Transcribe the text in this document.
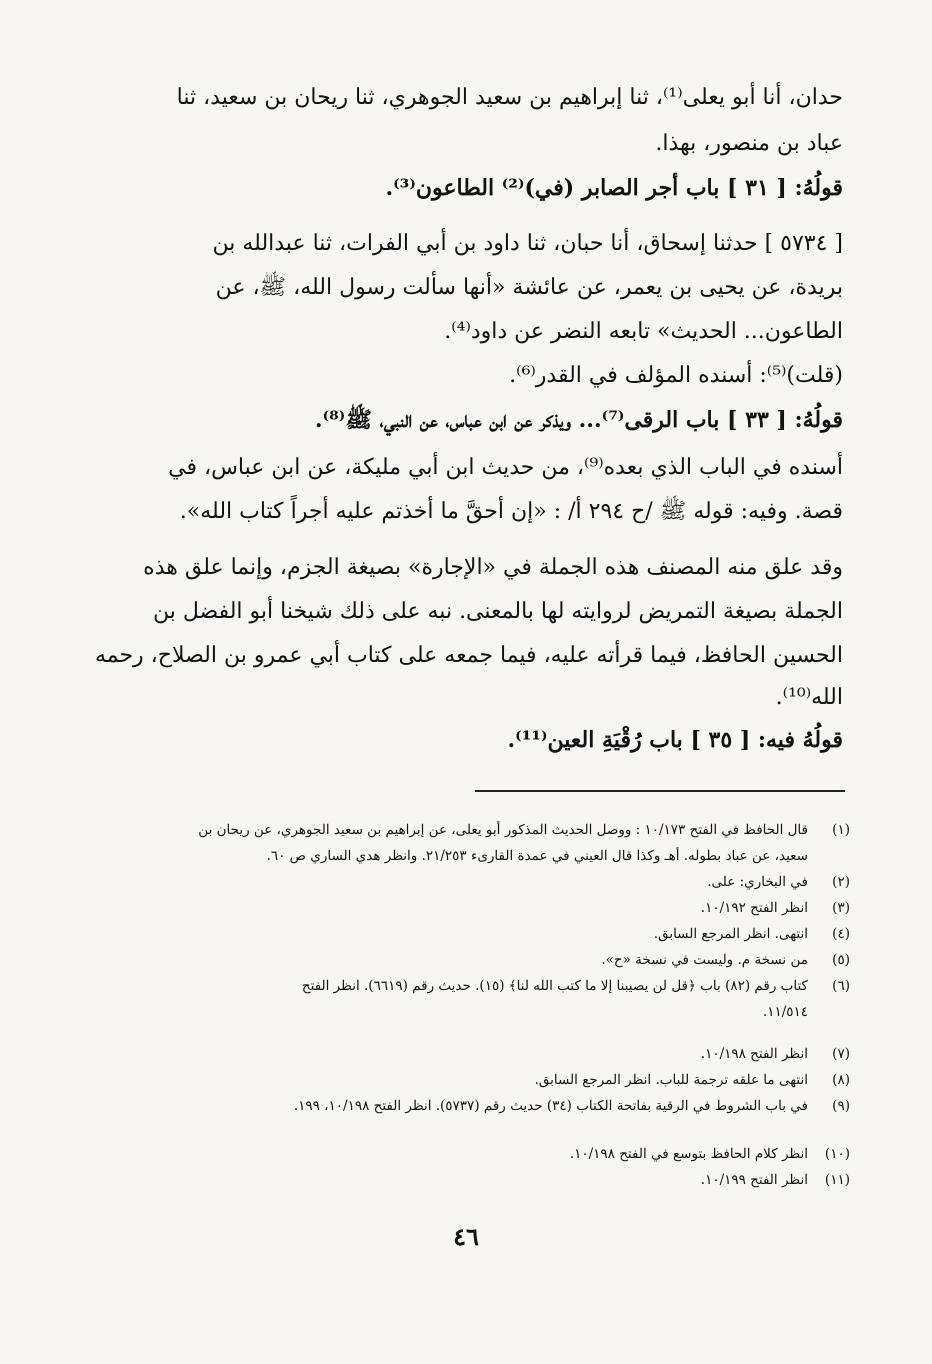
حدان، أنا أبو يعلى⁽¹⁾، ثنا إبراهيم بن سعيد الجوهري، ثنا ريحان بن سعيد، ثنا
عباد بن منصور، بهذا.
قولُهُ: [ ٣١ ] باب أجر الصابر (في)⁽²⁾ الطاعون⁽³⁾.
[ ٥٧٣٤ ] حدثنا إسحاق، أنا حبان، ثنا داود بن أبي الفرات، ثنا عبدالله بن
بريدة، عن يحيى بن يعمر، عن عائشة «أنها سألت رسول الله، ﷺ، عن
الطاعون... الحديث» تابعه النضر عن داود⁽⁴⁾.
(قلت)⁽⁵⁾: أسنده المؤلف في القدر⁽⁶⁾.
قولُهُ: [ ٣٣ ] باب الرقى⁽⁷⁾... ويذكر عن ابن عباس، عن النبي، ﷺ⁽⁸⁾.
أسنده في الباب الذي بعده⁽⁹⁾، من حديث ابن أبي مليكة، عن ابن عباس، في
قصة. وفيه: قوله ﷺ /ح ٢٩٤ أ/ : «إن أحقَّ ما أخذتم عليه أجراً كتاب الله».
وقد علق منه المصنف هذه الجملة في «الإجارة» بصيغة الجزم، وإنما علق هذه
الجملة بصيغة التمريض لروايته لها بالمعنى. نبه على ذلك شيخنا أبو الفضل بن
الحسين الحافظ، فيما قرأته عليه، فيما جمعه على كتاب أبي عمرو بن الصلاح، رحمه
الله⁽¹⁰⁾.
قولُهُ فيه: [ ٣٥ ] باب رُقْيَةِ العين⁽¹¹⁾.
(١)قال الحافظ في الفتح ١٠/١٧٣ : ووصل الحديث المذكور أبو يعلى، عن إبراهيم بن سعيد الجوهري، عن ريحان بن
سعيد، عن عباد بطوله. أهـ وكذا قال العيني في عمدة القارىء ٢١/٢٥٣. وانظر هدي الساري ص ٦٠.
(٢)في البخاري: على.
(٣)انظر الفتح ١٠/١٩٢.
(٤)انتهى. انظر المرجع السابق.
(٥)من نسخة م. وليست في نسخة «ح».
(٦)كتاب رقم (٨٢) باب ﴿قل لن يصيبنا إلا ما كتب الله لنا﴾ (١٥). حديث رقم (٦٦١٩). انظر الفتح
١١/٥١٤.
(٧)انظر الفتح ١٠/١٩٨.
(٨)انتهى ما علقه ترجمة للباب. انظر المرجع السابق.
(٩)في باب الشروط في الرقية بفاتحة الكتاب (٣٤) حديث رقم (٥٧٣٧). انظر الفتح ١٠/١٩٨، ١٩٩.
(١٠)انظر كلام الحافظ بتوسع في الفتح ١٠/١٩٨.
(١١)انظر الفتح ١٠/١٩٩.
٤٦
